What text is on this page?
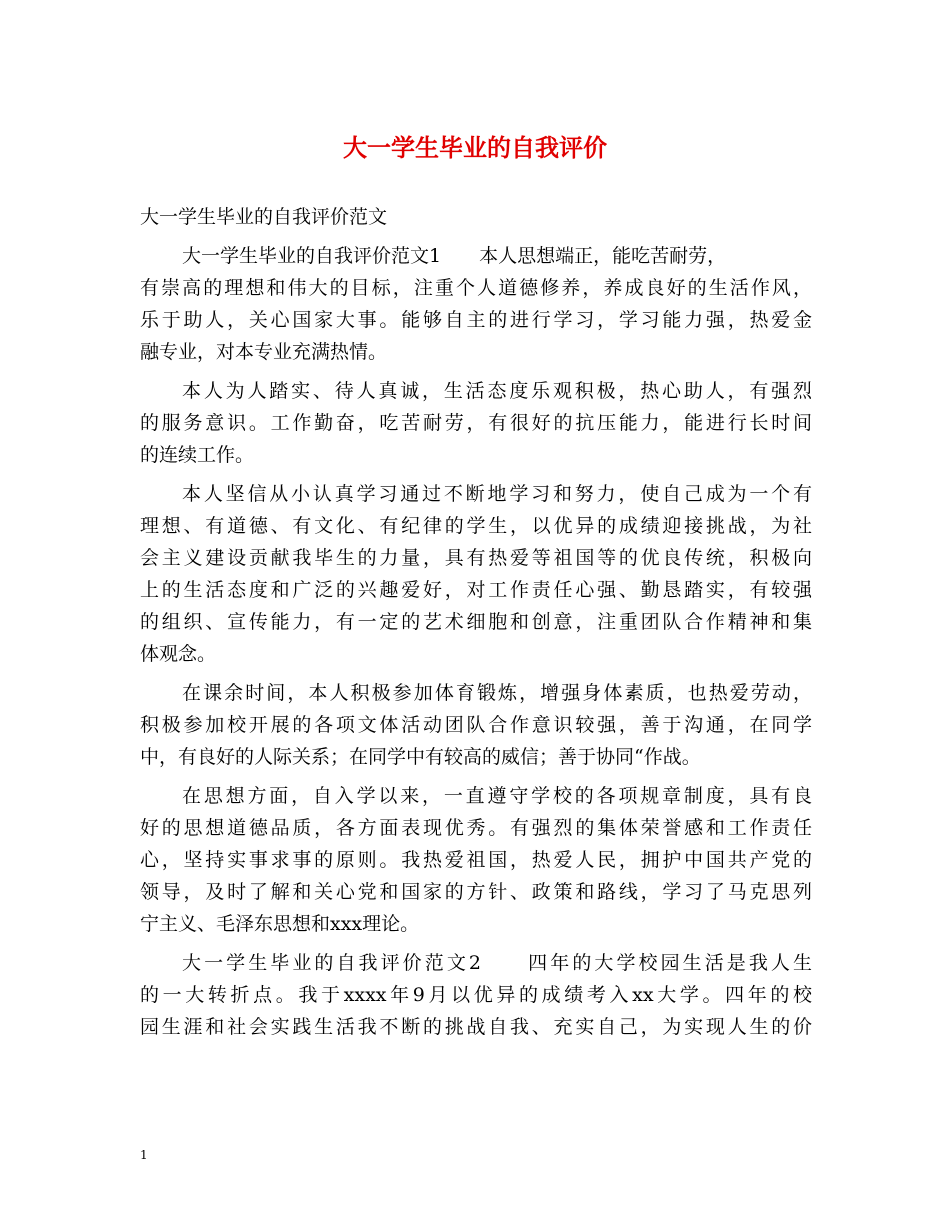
大一学生毕业的自我评价
大一学生毕业的自我评价范文
大一学生毕业的自我评价范文1　　本人思想端正，能吃苦耐劳，
有崇高的理想和伟大的目标，注重个人道德修养，养成良好的生活作风，
乐于助人，关心国家大事。能够自主的进行学习，学习能力强，热爱金
融专业，对本专业充满热情。
本人为人踏实、待人真诚，生活态度乐观积极，热心助人，有强烈
的服务意识。工作勤奋，吃苦耐劳，有很好的抗压能力，能进行长时间
的连续工作。
本人坚信从小认真学习通过不断地学习和努力，使自己成为一个有
理想、有道德、有文化、有纪律的学生，以优异的成绩迎接挑战，为社
会主义建设贡献我毕生的力量，具有热爱等祖国等的优良传统，积极向
上的生活态度和广泛的兴趣爱好，对工作责任心强、勤恳踏实，有较强
的组织、宣传能力，有一定的艺术细胞和创意，注重团队合作精神和集
体观念。
在课余时间，本人积极参加体育锻炼，增强身体素质，也热爱劳动，
积极参加校开展的各项文体活动团队合作意识较强，善于沟通，在同学
中，有良好的人际关系；在同学中有较高的威信；善于协同“作战。
在思想方面，自入学以来，一直遵守学校的各项规章制度，具有良
好的思想道德品质，各方面表现优秀。有强烈的集体荣誉感和工作责任
心，坚持实事求事的原则。我热爱祖国，热爱人民，拥护中国共产党的
领导，及时了解和关心党和国家的方针、政策和路线，学习了马克思列
宁主义、毛泽东思想和xxx理论。
大一学生毕业的自我评价范文2　　四年的大学校园生活是我人生
的一大转折点。我于xxxx年9月以优异的成绩考入xx大学。四年的校
园生涯和社会实践生活我不断的挑战自我、充实自己，为实现人生的价
1
